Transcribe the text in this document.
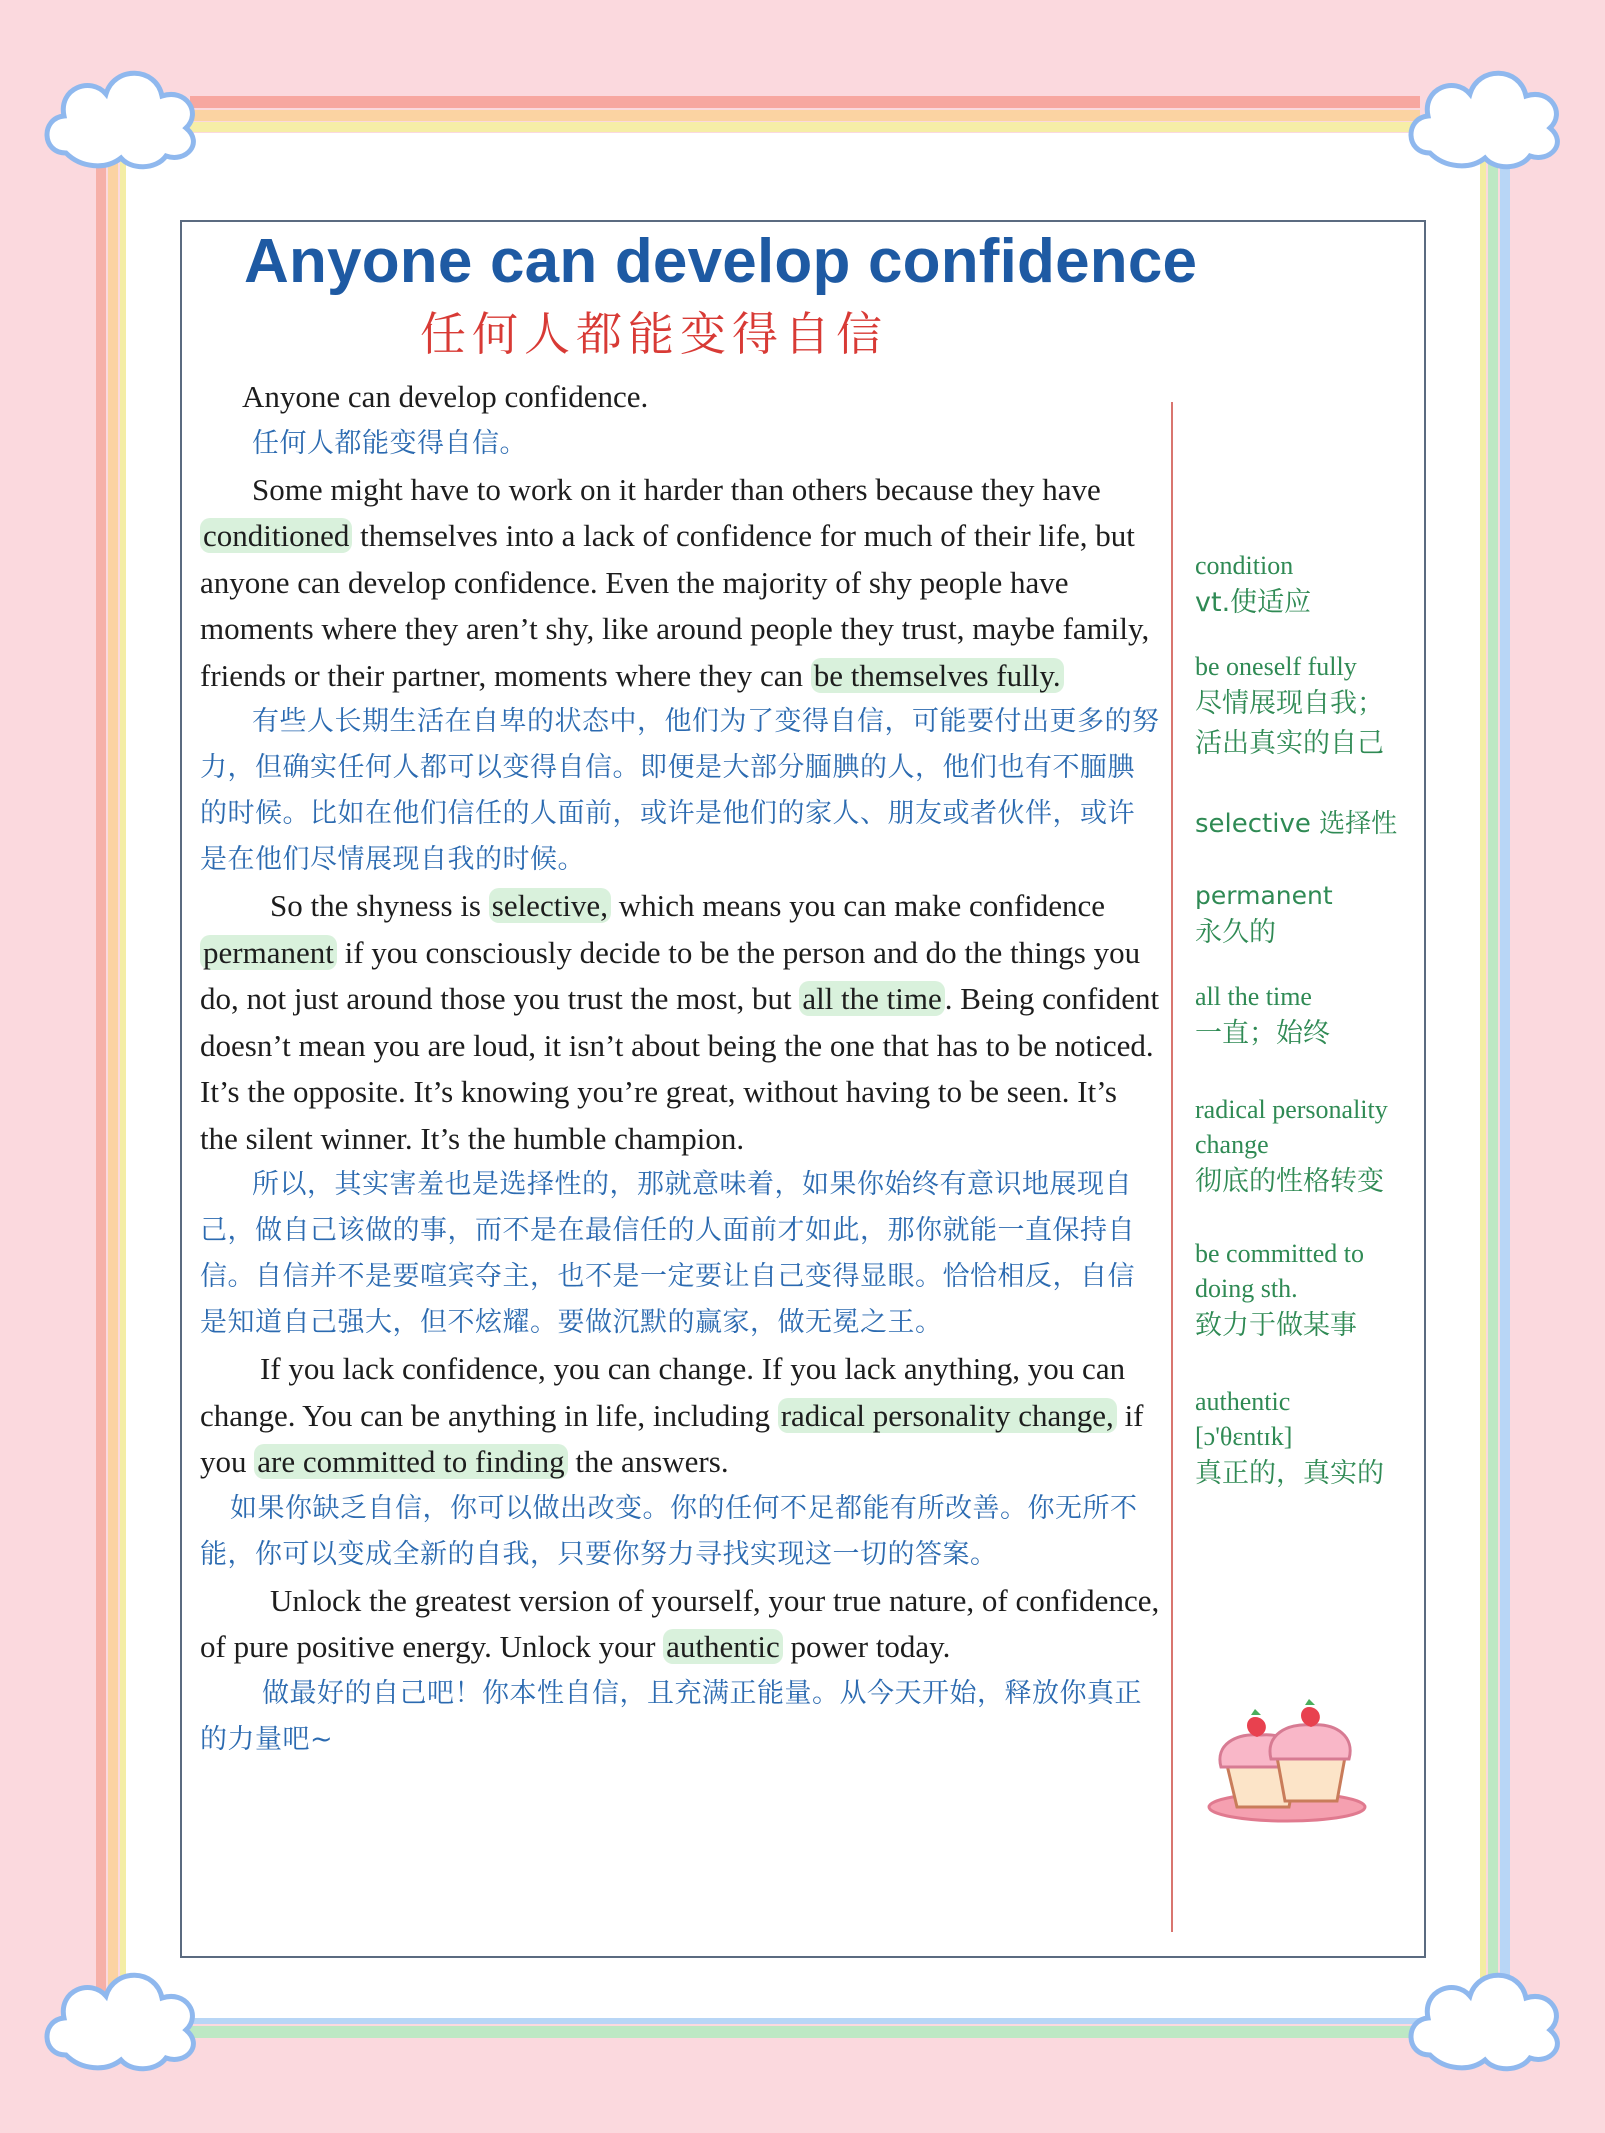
Anyone can develop confidence
任何人都能变得自信

Anyone can develop confidence.

任何人都能变得自信。

Some might have to work on it harder than others because they have conditioned themselves into a lack of confidence for much of their life, but anyone can develop confidence. Even the majority of shy people have moments where they aren’t shy, like around people they trust, maybe family, friends or their partner, moments where they can be themselves fully.

有些人长期生活在自卑的状态中，他们为了变得自信，可能要付出更多的努力，但确实任何人都可以变得自信。即便是大部分腼腆的人，他们也有不腼腆的时候。比如在他们信任的人面前，或许是他们的家人、朋友或者伙伴，或许是在他们尽情展现自我的时候。

So the shyness is selective, which means you can make confidence permanent if you consciously decide to be the person and do the things you do, not just around those you trust the most, but all the time. Being confident doesn’t mean you are loud, it isn’t about being the one that has to be noticed. It’s the opposite. It’s knowing you’re great, without having to be seen. It’s the silent winner. It’s the humble champion.

所以，其实害羞也是选择性的，那就意味着，如果你始终有意识地展现自己，做自己该做的事，而不是在最信任的人面前才如此，那你就能一直保持自信。自信并不是要喧宾夺主，也不是一定要让自己变得显眼。恰恰相反，自信是知道自己强大，但不炫耀。要做沉默的赢家，做无冕之王。

If you lack confidence, you can change. If you lack anything, you can change. You can be anything in life, including radical personality change, if you are committed to finding the answers.

如果你缺乏自信，你可以做出改变。你的任何不足都能有所改善。你无所不能，你可以变成全新的自我，只要你努力寻找实现这一切的答案。

Unlock the greatest version of yourself, your true nature, of confidence, of pure positive energy. Unlock your authentic power today.

做最好的自己吧！你本性自信，且充满正能量。从今天开始，释放你真正的力量吧~

condition

vt.使适应

be oneself fully

尽情展现自我；
活出真实的自己

selective 选择性

permanent

永久的

all the time

一直；始终

radical personality change

彻底的性格转变

be committed to doing sth.

致力于做某事

authentic
[ɔ'θɛntɪk]

真正的，真实的
